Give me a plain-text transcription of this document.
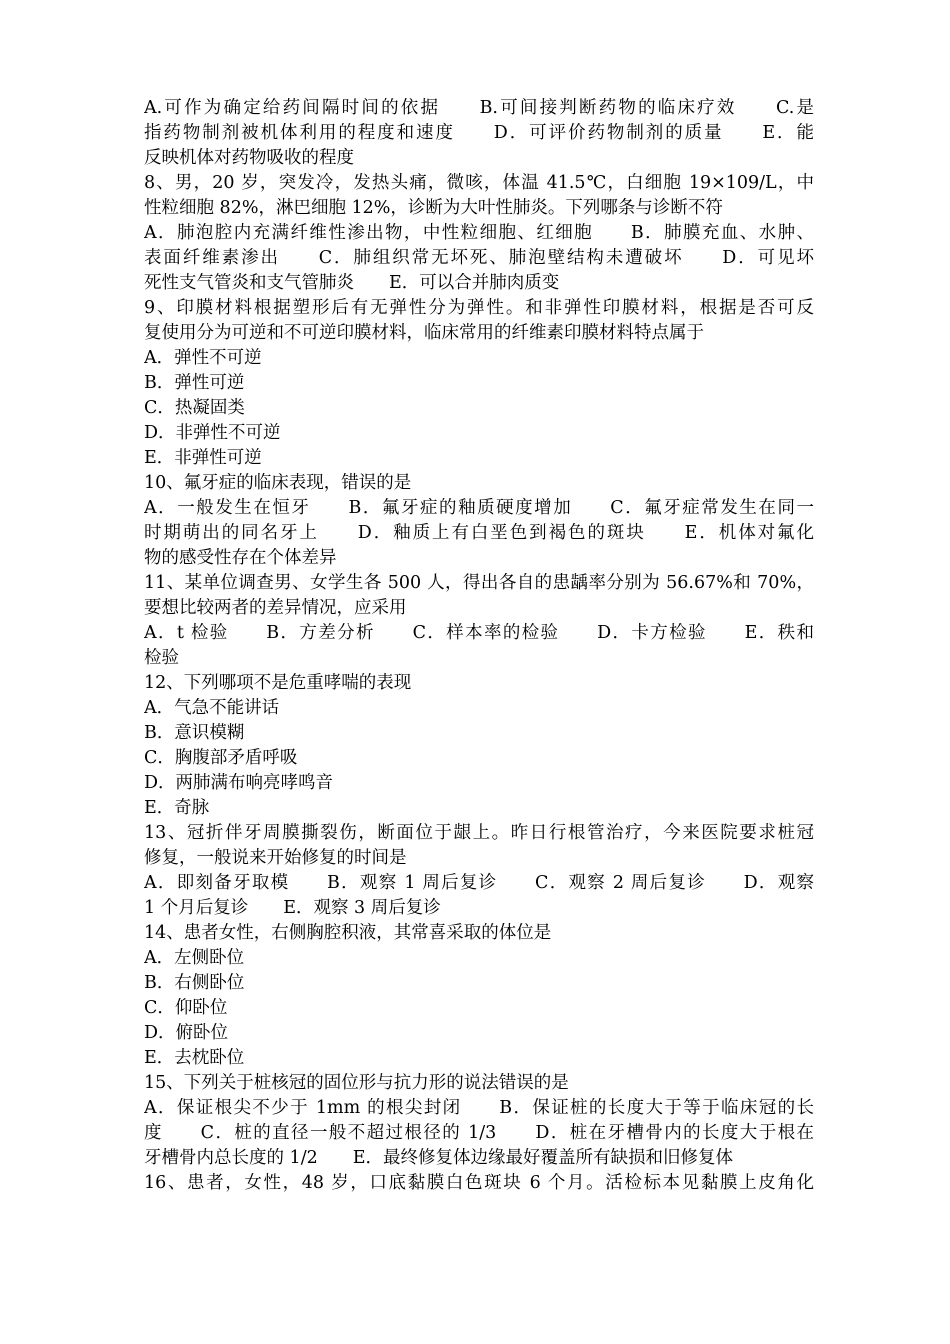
A.可作为确定给药间隔时间的依据　　B.可间接判断药物的临床疗效　　C.是
指药物制剂被机体利用的程度和速度　　D．可评价药物制剂的质量　　E．能
反映机体对药物吸收的程度
8、男，20 岁，突发冷，发热头痛，微咳，体温 41.5℃，白细胞 19×109/L，中
性粒细胞 82%，淋巴细胞 12%，诊断为大叶性肺炎。下列哪条与诊断不符
A．肺泡腔内充满纤维性渗出物，中性粒细胞、红细胞　　B．肺膜充血、水肿、
表面纤维素渗出　　C．肺组织常无坏死、肺泡壁结构未遭破坏　　D．可见坏
死性支气管炎和支气管肺炎　　E．可以合并肺肉质变
9、印膜材料根据塑形后有无弹性分为弹性。和非弹性印膜材料，根据是否可反
复使用分为可逆和不可逆印膜材料，临床常用的纤维素印膜材料特点属于
A．弹性不可逆
B．弹性可逆
C．热凝固类
D．非弹性不可逆
E．非弹性可逆
10、氟牙症的临床表现，错误的是
A．一般发生在恒牙　　B．氟牙症的釉质硬度增加　　C．氟牙症常发生在同一
时期萌出的同名牙上　　D．釉质上有白垩色到褐色的斑块　　E．机体对氟化
物的感受性存在个体差异
11、某单位调查男、女学生各 500 人，得出各自的患龋率分别为 56.67%和 70%，
要想比较两者的差异情况，应采用
A．t 检验　　B．方差分析　　C．样本率的检验　　D．卡方检验　　E．秩和
检验
12、下列哪项不是危重哮喘的表现
A．气急不能讲话
B．意识模糊
C．胸腹部矛盾呼吸
D．两肺满布响亮哮鸣音
E．奇脉
13、冠折伴牙周膜撕裂伤，断面位于龈上。昨日行根管治疗，今来医院要求桩冠
修复，一般说来开始修复的时间是
A．即刻备牙取模　　B．观察 1 周后复诊　　C．观察 2 周后复诊　　D．观察
1 个月后复诊　　E．观察 3 周后复诊
14、患者女性，右侧胸腔积液，其常喜采取的体位是
A．左侧卧位
B．右侧卧位
C．仰卧位
D．俯卧位
E．去枕卧位
15、下列关于桩核冠的固位形与抗力形的说法错误的是
A．保证根尖不少于 1mm 的根尖封闭　　B．保证桩的长度大于等于临床冠的长
度　　C．桩的直径一般不超过根径的 1/3　　D．桩在牙槽骨内的长度大于根在
牙槽骨内总长度的 1/2　　E．最终修复体边缘最好覆盖所有缺损和旧修复体
16、患者，女性，48 岁，口底黏膜白色斑块 6 个月。活检标本见黏膜上皮角化
